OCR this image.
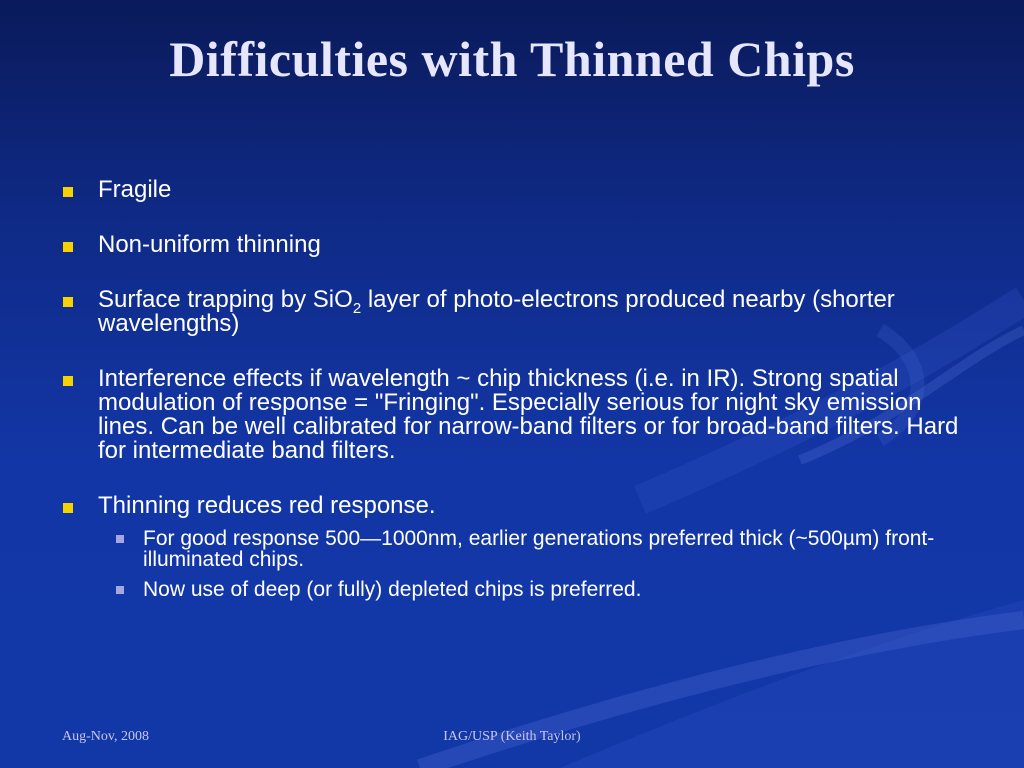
Difficulties with Thinned Chips
Fragile
Non-uniform thinning
Surface trapping by SiO$_2$ layer of photo-electrons produced nearby (shorter wavelengths)
Interference effects if wavelength ~ chip thickness (i.e. in IR). Strong spatial modulation of response = "Fringing". Especially serious for night sky emission lines. Can be well calibrated for narrow-band filters or for broad-band filters. Hard for intermediate band filters.
Thinning reduces red response.
For good response 500—1000nm, earlier generations preferred thick (~500µm) front-illuminated chips.
Now use of deep (or fully) depleted chips is preferred.
Aug-Nov, 2008	IAG/USP (Keith Taylor)
